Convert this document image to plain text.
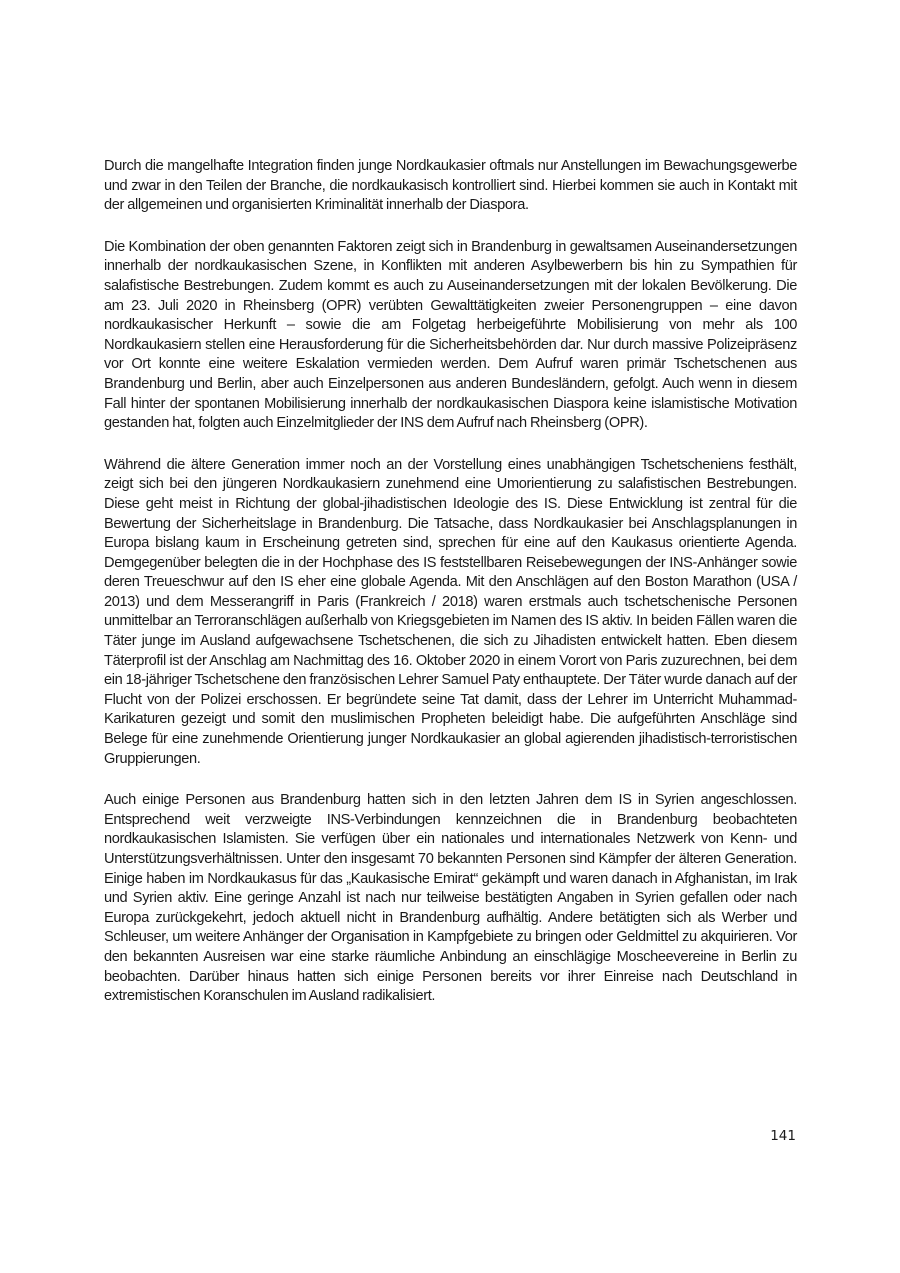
Durch die mangelhafte Integration finden junge Nordkaukasier oftmals nur Anstellungen im Bewachungsgewerbe und zwar in den Teilen der Branche, die nordkaukasisch kontrolliert sind. Hierbei kommen sie auch in Kontakt mit der allgemeinen und organisierten Kriminalität innerhalb der Diaspora.

Die Kombination der oben genannten Faktoren zeigt sich in Brandenburg in gewaltsamen Auseinandersetzungen innerhalb der nordkaukasischen Szene, in Konflikten mit anderen Asylbewerbern bis hin zu Sympathien für salafistische Bestrebungen. Zudem kommt es auch zu Auseinandersetzungen mit der lokalen Bevölkerung. Die am 23. Juli 2020 in Rheinsberg (OPR) verübten Gewalttätigkeiten zweier Personengruppen – eine davon nordkaukasischer Herkunft – sowie die am Folgetag herbeigeführte Mobilisierung von mehr als 100 Nordkaukasiern stellen eine Herausforderung für die Sicherheitsbehörden dar. Nur durch massive Polizeipräsenz vor Ort konnte eine weitere Eskalation vermieden werden. Dem Aufruf waren primär Tschetschenen aus Brandenburg und Berlin, aber auch Einzelpersonen aus anderen Bundesländern, gefolgt. Auch wenn in diesem Fall hinter der spontanen Mobilisierung innerhalb der nordkaukasischen Diaspora keine islamistische Motivation gestanden hat, folgten auch Einzelmitglieder der INS dem Aufruf nach Rheinsberg (OPR).

Während die ältere Generation immer noch an der Vorstellung eines unabhängigen Tschetscheniens festhält, zeigt sich bei den jüngeren Nordkaukasiern zunehmend eine Umorientierung zu salafistischen Bestrebungen. Diese geht meist in Richtung der global-jihadistischen Ideologie des IS. Diese Entwicklung ist zentral für die Bewertung der Sicherheitslage in Brandenburg. Die Tatsache, dass Nordkaukasier bei Anschlagsplanungen in Europa bislang kaum in Erscheinung getreten sind, sprechen für eine auf den Kaukasus orientierte Agenda. Demgegenüber belegten die in der Hochphase des IS feststellbaren Reisebewegungen der INS-Anhänger sowie deren Treueschwur auf den IS eher eine globale Agenda. Mit den Anschlägen auf den Boston Marathon (USA / 2013) und dem Messerangriff in Paris (Frankreich / 2018) waren erstmals auch tschetschenische Personen unmittelbar an Terroranschlägen außerhalb von Kriegsgebieten im Namen des IS aktiv. In beiden Fällen waren die Täter junge im Ausland aufgewachsene Tschetschenen, die sich zu Jihadisten entwickelt hatten. Eben diesem Täterprofil ist der Anschlag am Nachmittag des 16. Oktober 2020 in einem Vorort von Paris zuzurechnen, bei dem ein 18-jähriger Tschetschene den französischen Lehrer Samuel Paty enthauptete. Der Täter wurde danach auf der Flucht von der Polizei erschossen. Er begründete seine Tat damit, dass der Lehrer im Unterricht Muhammad-Karikaturen gezeigt und somit den muslimischen Propheten beleidigt habe. Die aufgeführten Anschläge sind Belege für eine zunehmende Orientierung junger Nordkaukasier an global agierenden jihadistisch-terroristischen Gruppierungen.

Auch einige Personen aus Brandenburg hatten sich in den letzten Jahren dem IS in Syrien angeschlossen. Entsprechend weit verzweigte INS-Verbindungen kennzeichnen die in Brandenburg beobachteten nordkaukasischen Islamisten. Sie verfügen über ein nationales und internationales Netzwerk von Kenn- und Unterstützungsverhältnissen. Unter den insgesamt 70 bekannten Personen sind Kämpfer der älteren Generation. Einige haben im Nordkaukasus für das „Kaukasische Emirat“ gekämpft und waren danach in Afghanistan, im Irak und Syrien aktiv. Eine geringe Anzahl ist nach nur teilweise bestätigten Angaben in Syrien gefallen oder nach Europa zurückgekehrt, jedoch aktuell nicht in Brandenburg aufhältig. Andere betätigten sich als Werber und Schleuser, um weitere Anhänger der Organisation in Kampfgebiete zu bringen oder Geldmittel zu akquirieren. Vor den bekannten Ausreisen war eine starke räumliche Anbindung an einschlägige Moscheevereine in Berlin zu beobachten. Darüber hinaus hatten sich einige Personen bereits vor ihrer Einreise nach Deutschland in extremistischen Koranschulen im Ausland radikalisiert.

141
